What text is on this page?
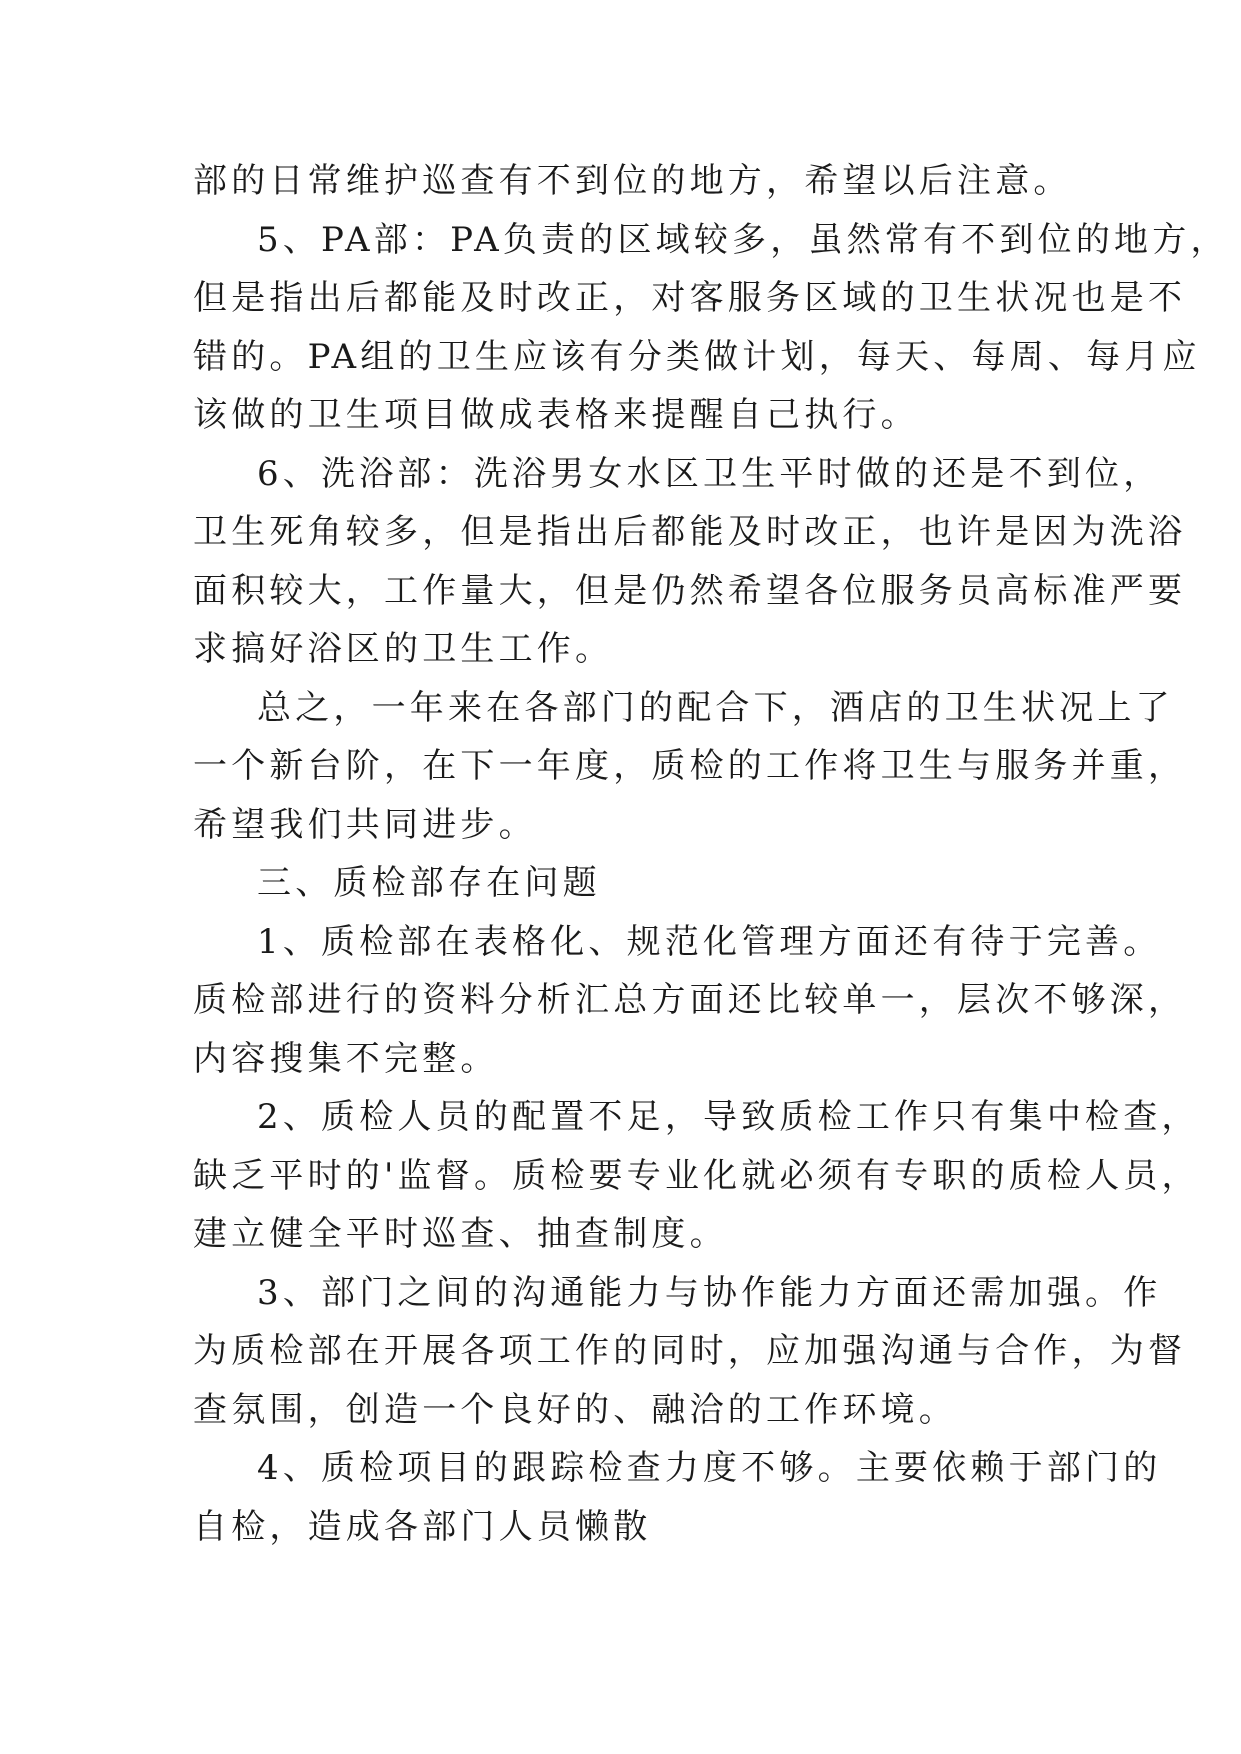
部的日常维护巡查有不到位的地方，希望以后注意。
5、PA部：PA负责的区域较多，虽然常有不到位的地方，
但是指出后都能及时改正，对客服务区域的卫生状况也是不
错的。PA组的卫生应该有分类做计划，每天、每周、每月应
该做的卫生项目做成表格来提醒自己执行。
6、洗浴部：洗浴男女水区卫生平时做的还是不到位，
卫生死角较多，但是指出后都能及时改正，也许是因为洗浴
面积较大，工作量大，但是仍然希望各位服务员高标准严要
求搞好浴区的卫生工作。
总之，一年来在各部门的配合下，酒店的卫生状况上了
一个新台阶，在下一年度，质检的工作将卫生与服务并重，
希望我们共同进步。
三、质检部存在问题
1、质检部在表格化、规范化管理方面还有待于完善。
质检部进行的资料分析汇总方面还比较单一，层次不够深，
内容搜集不完整。
2、质检人员的配置不足，导致质检工作只有集中检查，
缺乏平时的'监督。质检要专业化就必须有专职的质检人员，
建立健全平时巡查、抽查制度。
3、部门之间的沟通能力与协作能力方面还需加强。作
为质检部在开展各项工作的同时，应加强沟通与合作，为督
查氛围，创造一个良好的、融洽的工作环境。
4、质检项目的跟踪检查力度不够。主要依赖于部门的
自检，造成各部门人员懒散
